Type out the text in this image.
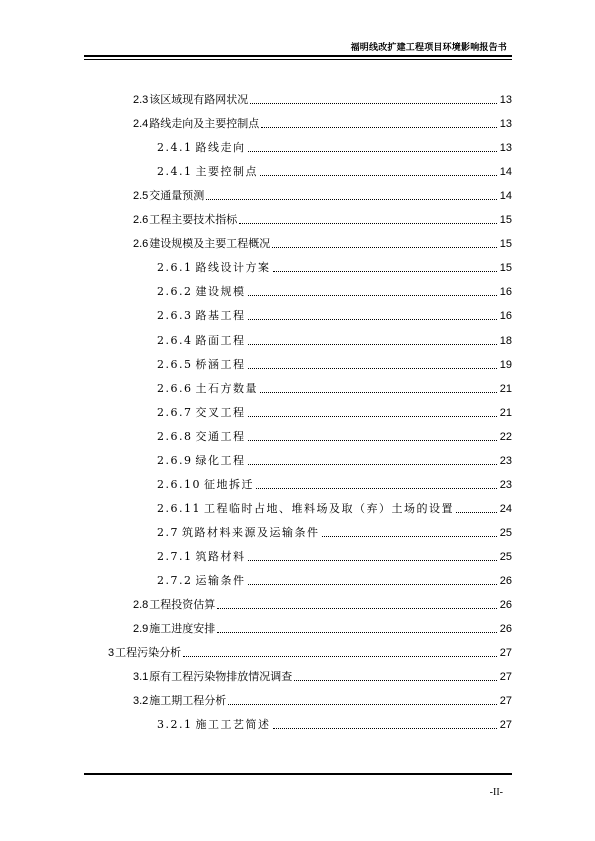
福明线改扩建工程项目环境影响报告书
2.3 该区域现有路网状况	13
2.4 路线走向及主要控制点	13
2.4.1 路线走向	13
2.4.1 主要控制点	14
2.5 交通量预测	14
2.6 工程主要技术指标	15
2.6 建设规模及主要工程概况	15
2.6.1 路线设计方案	15
2.6.2 建设规模	16
2.6.3 路基工程	16
2.6.4 路面工程	18
2.6.5 桥涵工程	19
2.6.6 土石方数量	21
2.6.7 交叉工程	21
2.6.8 交通工程	22
2.6.9 绿化工程	23
2.6.10 征地拆迁	23
2.6.11 工程临时占地、堆料场及取（弃）土场的设置	24
2.7 筑路材料来源及运输条件	25
2.7.1 筑路材料	25
2.7.2 运输条件	26
2.8 工程投资估算	26
2.9 施工进度安排	26
3 工程污染分析	27
3.1 原有工程污染物排放情况调查	27
3.2 施工期工程分析	27
3.2.1 施工工艺简述	27
-II-
